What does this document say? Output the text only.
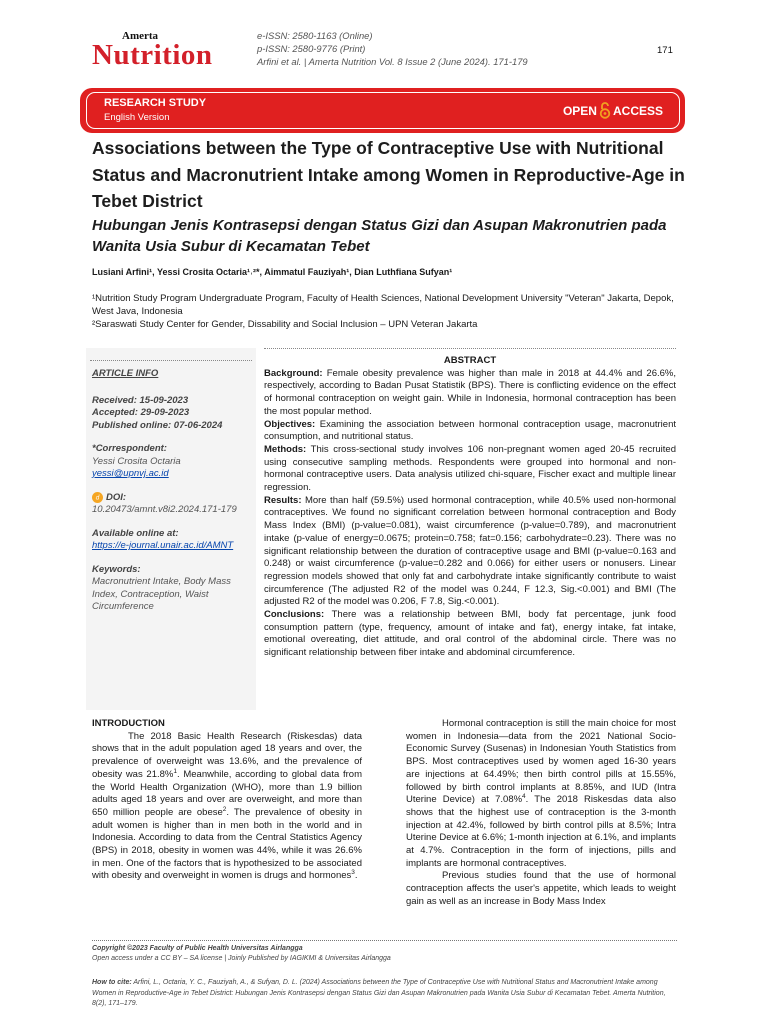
Amerta
Nutrition
e-ISSN: 2580-1163 (Online)
p-ISSN: 2580-9776 (Print)
Arfini et al. | Amerta Nutrition Vol. 8 Issue 2 (June 2024). 171-179
171
RESEARCH STUDY
English Version	OPEN ACCESS
Associations between the Type of Contraceptive Use with Nutritional Status and Macronutrient Intake among Women in Reproductive-Age in Tebet District
Hubungan Jenis Kontrasepsi dengan Status Gizi dan Asupan Makronutrien pada Wanita Usia Subur di Kecamatan Tebet
Lusiani Arfini¹, Yessi Crosita Octaria¹˒²*, Aimmatul Fauziyah¹, Dian Luthfiana Sufyan¹
¹Nutrition Study Program Undergraduate Program, Faculty of Health Sciences, National Development University "Veteran" Jakarta, Depok, West Java, Indonesia
²Saraswati Study Center for Gender, Dissability and Social Inclusion – UPN Veteran Jakarta
ARTICLE INFO
Received: 15-09-2023
Accepted: 29-09-2023
Published online: 07-06-2024
*Correspondent:
Yessi Crosita Octaria
yessi@upnvj.ac.id
d DOI:
10.20473/amnt.v8i2.2024.171-179
Available online at:
https://e-journal.unair.ac.id/AMNT
Keywords:
Macronutrient Intake, Body Mass Index, Contraception, Waist Circumference
ABSTRACT
Background: Female obesity prevalence was higher than male in 2018 at 44.4% and 26.6%, respectively, according to Badan Pusat Statistik (BPS). There is conflicting evidence on the effect of hormonal contraception on weight gain. While in Indonesia, hormonal contraception has been the most popular method.
Objectives: Examining the association between hormonal contraception usage, macronutrient consumption, and nutritional status.
Methods: This cross-sectional study involves 106 non-pregnant women aged 20-45 recruited using consecutive sampling methods. Respondents were grouped into hormonal and non-hormonal contraceptive users. Data analysis utilized chi-square, Fischer exact and multiple linear regression.
Results: More than half (59.5%) used hormonal contraception, while 40.5% used non-hormonal contraceptives. We found no significant correlation between hormonal contraception and Body Mass Index (BMI) (p-value=0.081), waist circumference (p-value=0.789), and macronutrient intake (p-value of energy=0.0675; protein=0.758; fat=0.156; carbohydrate=0.23). There was no significant relationship between the duration of contraceptive usage and BMI (p-value=0.163 and 0.248) or waist circumference (p-value=0.282 and 0.066) for either users or nonusers. Linear regression models showed that only fat and carbohydrate intake significantly contribute to waist circumference (The adjusted R2 of the model was 0.244, F 12.3, Sig.<0.001) and BMI (The adjusted R2 of the model was 0.206, F 7.8, Sig.<0.001).
Conclusions: There was a relationship between BMI, body fat percentage, junk food consumption pattern (type, frequency, amount of intake and fat), energy intake, fat intake, emotional overeating, diet attitude, and oral control of the abdominal circle. There was no significant relationship between fiber intake and abdominal circumference.
INTRODUCTION

The 2018 Basic Health Research (Riskesdas) data shows that in the adult population aged 18 years and over, the prevalence of overweight was 13.6%, and the prevalence of obesity was 21.8%$^1$. Meanwhile, according to global data from the World Health Organization (WHO), more than 1.9 billion adults aged 18 years and over are overweight, and more than 650 million people are obese$^2$. The prevalence of obesity in adult women is higher than in men both in the world and in Indonesia. According to data from the Central Statistics Agency (BPS) in 2018, obesity in women was 44%, while it was 26.6% in men. One of the factors that is hypothesized to be associated with obesity and overweight in women is drugs and hormones$^3$.

Hormonal contraception is still the main choice for most women in Indonesia—data from the 2021 National Socio-Economic Survey (Susenas) in Indonesian Youth Statistics from BPS. Most contraceptives used by women aged 16-30 years are injections at 64.49%; then birth control pills at 15.55%, followed by birth control implants at 8.85%, and IUD (Intra Uterine Device) at 7.08%$^4$. The 2018 Riskesdas data also shows that the highest use of contraception is the 3-month injection at 42.4%, followed by birth control pills at 8.5%; Intra Uterine Device at 6.6%; 1-month injection at 6.1%, and implants at 4.7%. Contraception in the form of injections, pills and implants are hormonal contraceptives.

Previous studies found that the use of hormonal contraception affects the user's appetite, which leads to weight gain as well as an increase in Body Mass Index

Copyright ©2023 Faculty of Public Health Universitas Airlangga
Open access under a CC BY – SA license | Joinly Published by IAGIKMI & Universitas Airlangga
How to cite: Arfini, L., Octaria, Y. C., Fauziyah, A., & Sufyan, D. L. (2024) Associations between the Type of Contraceptive Use with Nutritional Status and Macronutrient Intake among Women in Reproductive-Age in Tebet District: Hubungan Jenis Kontrasepsi dengan Status Gizi dan Asupan Makronutrien pada Wanita Usia Subur di Kecamatan Tebet. Amerta Nutrition, 8(2), 171–179.
